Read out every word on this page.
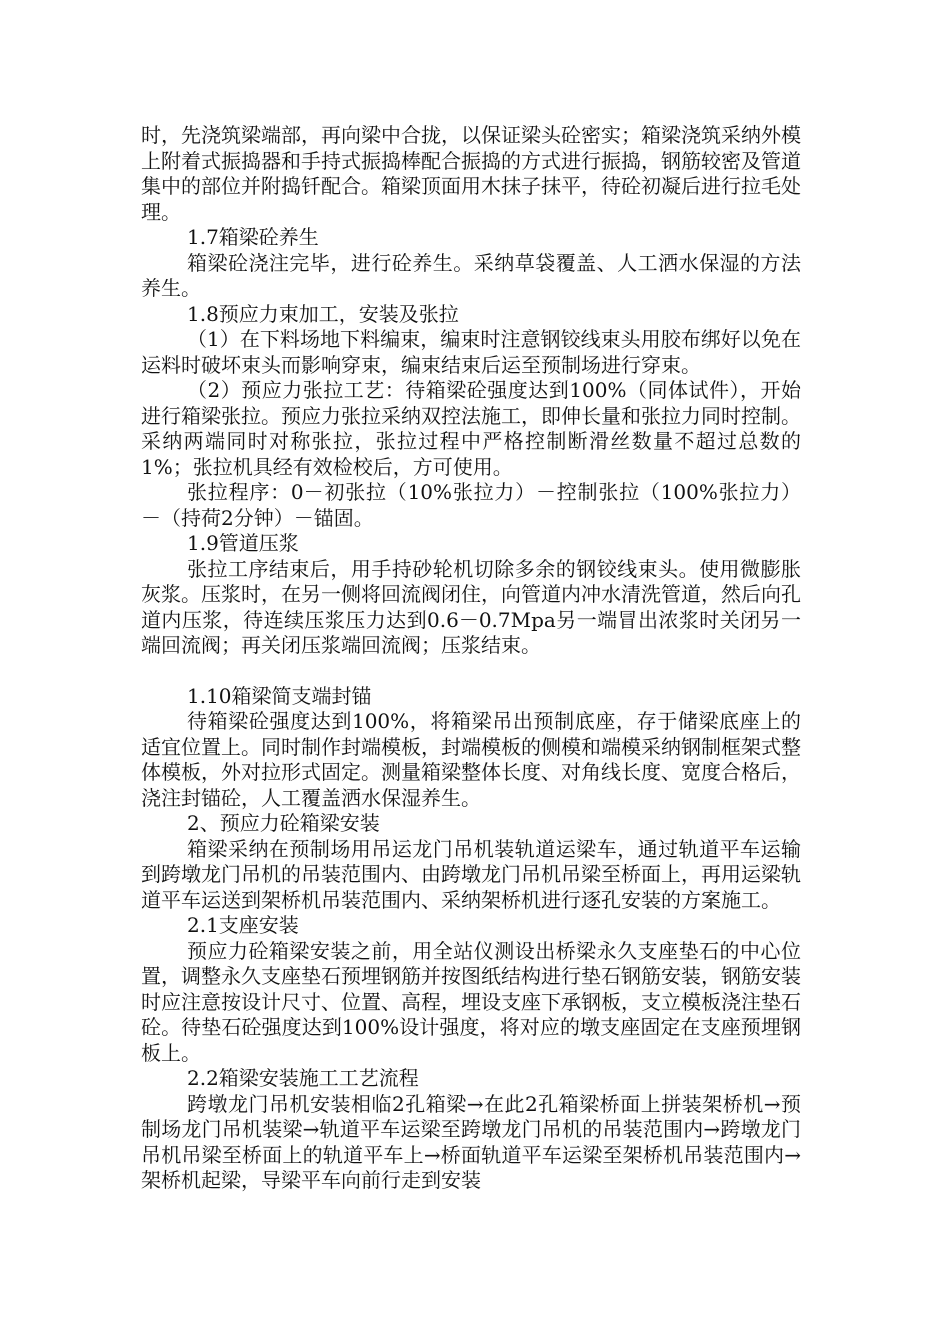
时，先浇筑梁端部，再向梁中合拢，以保证梁头砼密实；箱梁浇筑采纳外模上附着式振捣器和手持式振捣棒配合振捣的方式进行振捣，钢筋较密及管道集中的部位并附捣钎配合。箱梁顶面用木抹子抹平，待砼初凝后进行拉毛处理。

1.7箱梁砼养生

箱梁砼浇注完毕，进行砼养生。采纳草袋覆盖、人工洒水保湿的方法养生。

1.8预应力束加工，安装及张拉

（1）在下料场地下料编束，编束时注意钢铰线束头用胶布绑好以免在运料时破坏束头而影响穿束，编束结束后运至预制场进行穿束。

（2）预应力张拉工艺：待箱梁砼强度达到100%（同体试件），开始进行箱梁张拉。预应力张拉采纳双控法施工，即伸长量和张拉力同时控制。采纳两端同时对称张拉，张拉过程中严格控制断滑丝数量不超过总数的1%；张拉机具经有效检校后，方可使用。

张拉程序：0－初张拉（10%张拉力）－控制张拉（100%张拉力）－（持荷2分钟）－锚固。

1.9管道压浆

张拉工序结束后，用手持砂轮机切除多余的钢铰线束头。使用微膨胀灰浆。压浆时，在另一侧将回流阀闭住，向管道内冲水清洗管道，然后向孔道内压浆，待连续压浆压力达到0.6－0.7Mpa另一端冒出浓浆时关闭另一端回流阀；再关闭压浆端回流阀；压浆结束。

1.10箱梁简支端封锚

待箱梁砼强度达到100%，将箱梁吊出预制底座，存于储梁底座上的适宜位置上。同时制作封端模板，封端模板的侧模和端模采纳钢制框架式整体模板，外对拉形式固定。测量箱梁整体长度、对角线长度、宽度合格后，浇注封锚砼，人工覆盖洒水保湿养生。

2、预应力砼箱梁安装

箱梁采纳在预制场用吊运龙门吊机装轨道运梁车，通过轨道平车运输到跨墩龙门吊机的吊装范围内、由跨墩龙门吊机吊梁至桥面上，再用运梁轨道平车运送到架桥机吊装范围内、采纳架桥机进行逐孔安装的方案施工。

2.1支座安装

预应力砼箱梁安装之前，用全站仪测设出桥梁永久支座垫石的中心位置，调整永久支座垫石预埋钢筋并按图纸结构进行垫石钢筋安装，钢筋安装时应注意按设计尺寸、位置、高程，埋设支座下承钢板，支立模板浇注垫石砼。待垫石砼强度达到100%设计强度，将对应的墩支座固定在支座预埋钢板上。

2.2箱梁安装施工工艺流程

跨墩龙门吊机安装相临2孔箱梁→在此2孔箱梁桥面上拼装架桥机→预制场龙门吊机装梁→轨道平车运梁至跨墩龙门吊机的吊装范围内→跨墩龙门吊机吊梁至桥面上的轨道平车上→桥面轨道平车运梁至架桥机吊装范围内→架桥机起梁，导梁平车向前行走到安装
